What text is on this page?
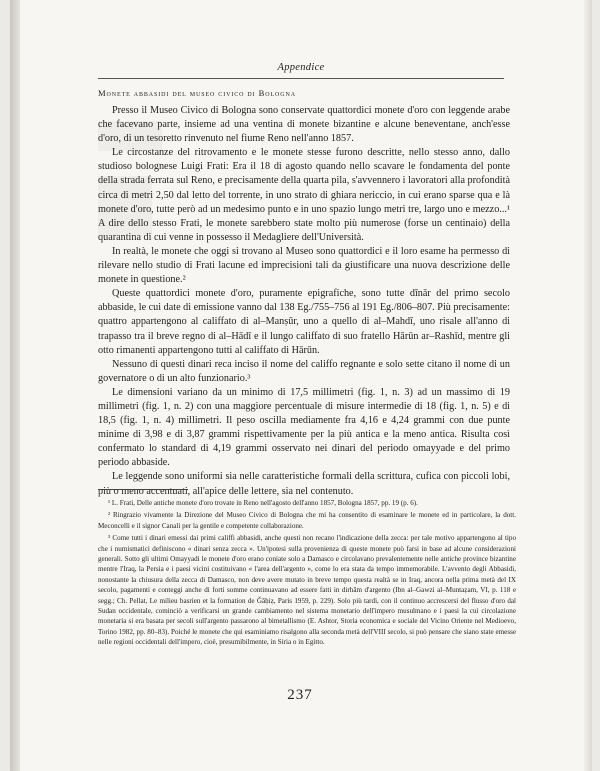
Appendice
Monete abbasidi del museo civico di Bologna

Presso il Museo Civico di Bologna sono conservate quattordici monete d'oro con leggende arabe che facevano parte, insieme ad una ventina di monete bizantine e alcune beneventane, anch'esse d'oro, di un tesoretto rinvenuto nel fiume Reno nell'anno 1857.

Le circostanze del ritrovamento e le monete stesse furono descritte, nello stesso anno, dallo studioso bolognese Luigi Frati: Era il 18 di agosto quando nello scavare le fondamenta del ponte della strada ferrata sul Reno, e precisamente della quarta pila, s'avvennero i lavoratori alla profondità circa di metri 2,50 dal letto del torrente, in uno strato di ghiara nericcio, in cui erano sparse qua e là monete d'oro, tutte però ad un medesimo punto e in uno spazio lungo metri tre, largo uno e mezzo...¹ A dire dello stesso Frati, le monete sarebbero state molto più numerose (forse un centinaio) della quarantina di cui venne in possesso il Medagliere dell'Università.

In realtà, le monete che oggi si trovano al Museo sono quattordici e il loro esame ha permesso di rilevare nello studio di Frati lacune ed imprecisioni tali da giustificare una nuova descrizione delle monete in questione.²

Queste quattordici monete d'oro, puramente epigrafiche, sono tutte dīnār del primo secolo abbaside, le cui date di emissione vanno dal 138 Eg./755–756 al 191 Eg./806–807. Più precisamente: quattro appartengono al califfato di al–Manṣūr, uno a quello di al–Mahdī, uno risale all'anno di trapasso tra il breve regno di al–Hādī e il lungo califfato di suo fratello Hārūn ar–Rashīd, mentre gli otto rimanenti appartengono tutti al califfato di Hārūn.

Nessuno di questi dinari reca inciso il nome del califfo regnante e solo sette citano il nome di un governatore o di un alto funzionario.³

Le dimensioni variano da un minimo di 17,5 millimetri (fig. 1, n. 3) ad un massimo di 19 millimetri (fig. 1, n. 2) con una maggiore percentuale di misure intermedie di 18 (fig. 1, n. 5) e di 18,5 (fig. 1, n. 4) millimetri. Il peso oscilla mediamente fra 4,16 e 4,24 grammi con due punte minime di 3,98 e di 3,87 grammi rispettivamente per la più antica e la meno antica. Risulta così confermato lo standard di 4,19 grammi osservato nei dinari del periodo omayyade e del primo periodo abbaside.

Le leggende sono uniformi sia nelle caratteristiche formali della scrittura, cufica con piccoli lobi, più o meno accentuati, all'apice delle lettere, sia nel contenuto.

¹ L. Frati, Delle antiche monete d'oro trovate in Reno nell'agosto dell'anno 1857, Bologna 1857, pp. 19 (p. 6).

² Ringrazio vivamente la Direzione del Museo Civico di Bologna che mi ha consentito di esaminare le monete ed in particolare, la dott. Meconcelli e il signor Canali per la gentile e competente collaborazione.

³ Come tutti i dinari emessi dai primi califfi abbasidi, anche questi non recano l'indicazione della zecca: per tale motivo appartengono al tipo che i numismatici definiscono « dinari senza zecca ». Un'ipotesi sulla provenienza di queste monete può farsi in base ad alcune considerazioni generali. Sotto gli ultimi Omayyadi le monete d'oro erano coniate solo a Damasco e circolavano prevalentemente nelle antiche province bizantine mentre l'Iraq, la Persia e i paesi vicini costituivano « l'area dell'argento », come lo era stata da tempo immemorabile. L'avvento degli Abbasidi, nonostante la chiusura della zecca di Damasco, non deve avere mutato in breve tempo questa realtà se in Iraq, ancora nella prima metà del IX secolo, pagamenti e conteggi anche di forti somme continuavano ad essere fatti in dirhām d'argento (Ibn al–Gawzi al–Muntaẓam, VI, p. 118 e segg.; Ch. Pellat, Le milieu basrien et la formation de Ǧāḥiẓ, Paris 1959, p. 229). Solo più tardi, con il continuo accrescersi del flusso d'oro dal Sudan occidentale, cominciò a verificarsi un grande cambiamento nel sistema monetario dell'impero musulmano e i paesi la cui circolazione monetaria si era basata per secoli sull'argento passarono al bimetallismo (E. Ashtor, Storia economica e sociale del Vicino Oriente nel Medioevo, Torino 1982, pp. 80–83). Poiché le monete che qui esaminiamo risalgono alla seconda metà dell'VIII secolo, si può pensare che siano state emesse nelle regioni occidentali dell'impero, cioè, presumibilmente, in Siria o in Egitto.

237
